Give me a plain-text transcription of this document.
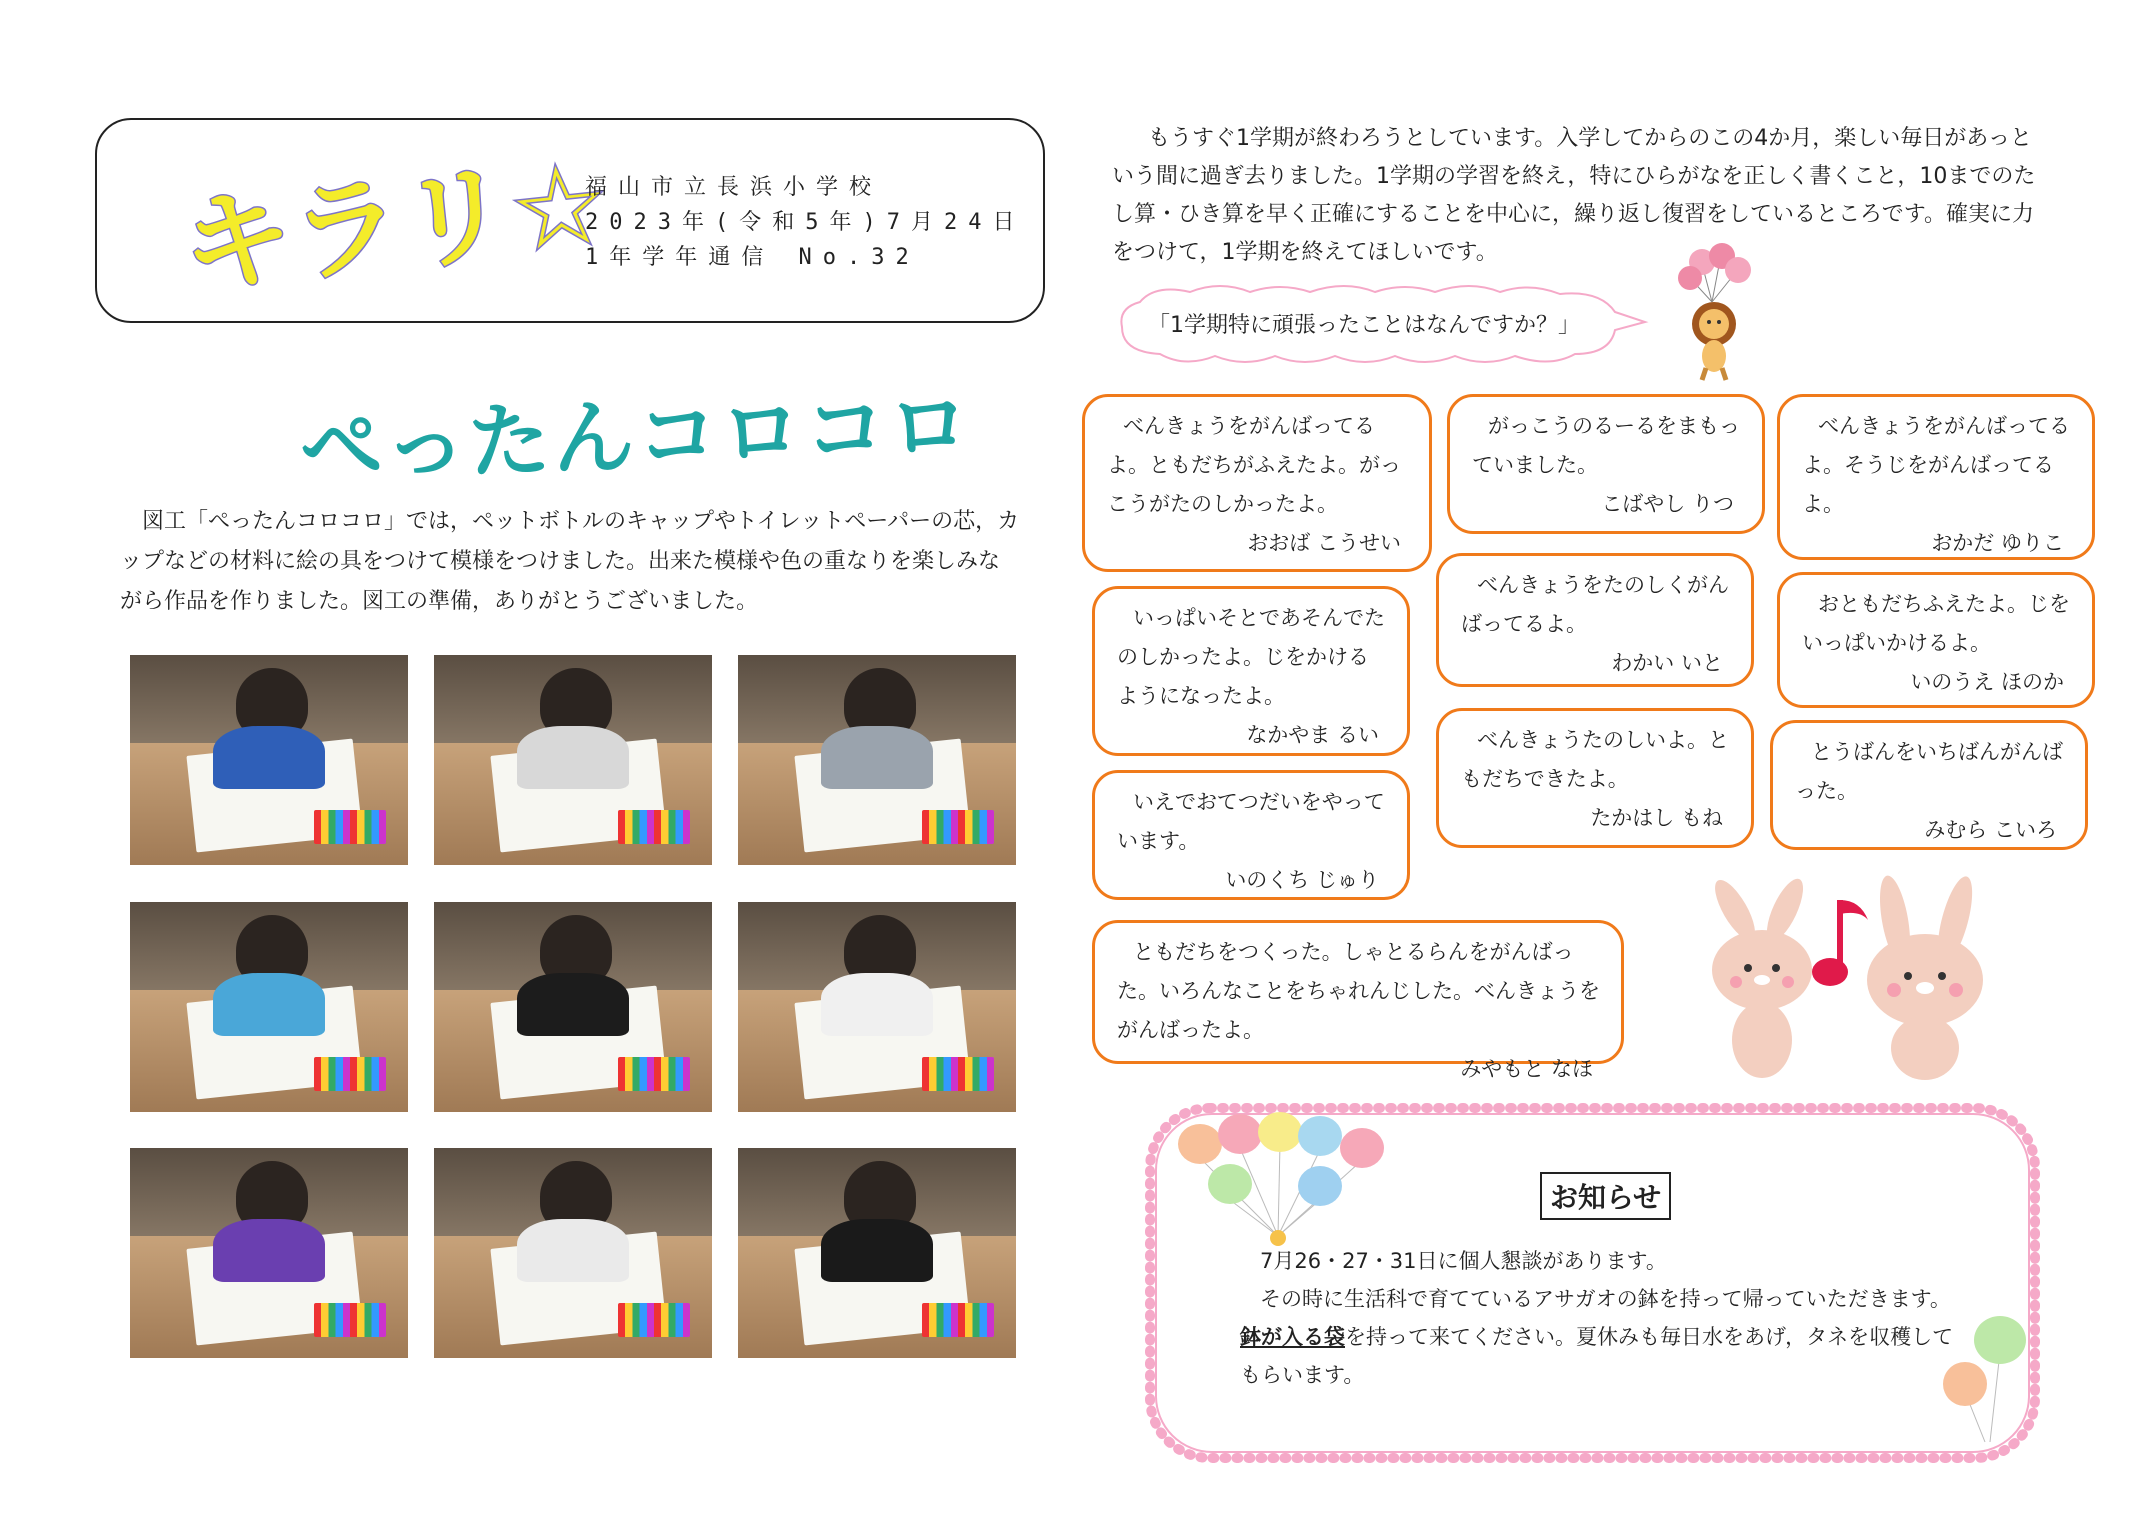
キラリ☆
福山市立長浜小学校
2023年(令和5年)7月24日
1年学年通信 No.32
ぺったんコロコロ
図工「ぺったんコロコロ」では，ペットボトルのキャップやトイレットペーパーの芯，カップなどの材料に絵の具をつけて模様をつけました。出来た模様や色の重なりを楽しみながら作品を作りました。図工の準備，ありがとうございました。
もうすぐ1学期が終わろうとしています。入学してからのこの4か月，楽しい毎日があっという間に過ぎ去りました。1学期の学習を終え，特にひらがなを正しく書くこと，10までのたし算・ひき算を早く正確にすることを中心に，繰り返し復習をしているところです。確実に力をつけて，1学期を終えてほしいです。
「1学期特に頑張ったことはなんですか？」
べんきょうをがんばってるよ。ともだちがふえたよ。がっこうがたのしかったよ。
おおば こうせい
がっこうのるーるをまもっていました。
こばやし りつ
べんきょうをがんばってるよ。そうじをがんばってるよ。
おかだ ゆりこ
いっぱいそとであそんでたのしかったよ。じをかけるようになったよ。
なかやま るい
べんきょうをたのしくがんばってるよ。
わかい いと
おともだちふえたよ。じをいっぱいかけるよ。
いのうえ ほのか
いえでおてつだいをやっています。
いのくち じゅり
べんきょうたのしいよ。ともだちできたよ。
たかはし もね
とうばんをいちばんがんばった。
みむら こいろ
ともだちをつくった。しゃとるらんをがんばった。いろんなことをちゃれんじした。べんきょうをがんばったよ。
みやもと なほ
お知らせ
7月26・27・31日に個人懇談があります。
その時に生活科で育てているアサガオの鉢を持って帰っていただきます。鉢が入る袋を持って来てください。夏休みも毎日水をあげ，タネを収穫してもらいます。
